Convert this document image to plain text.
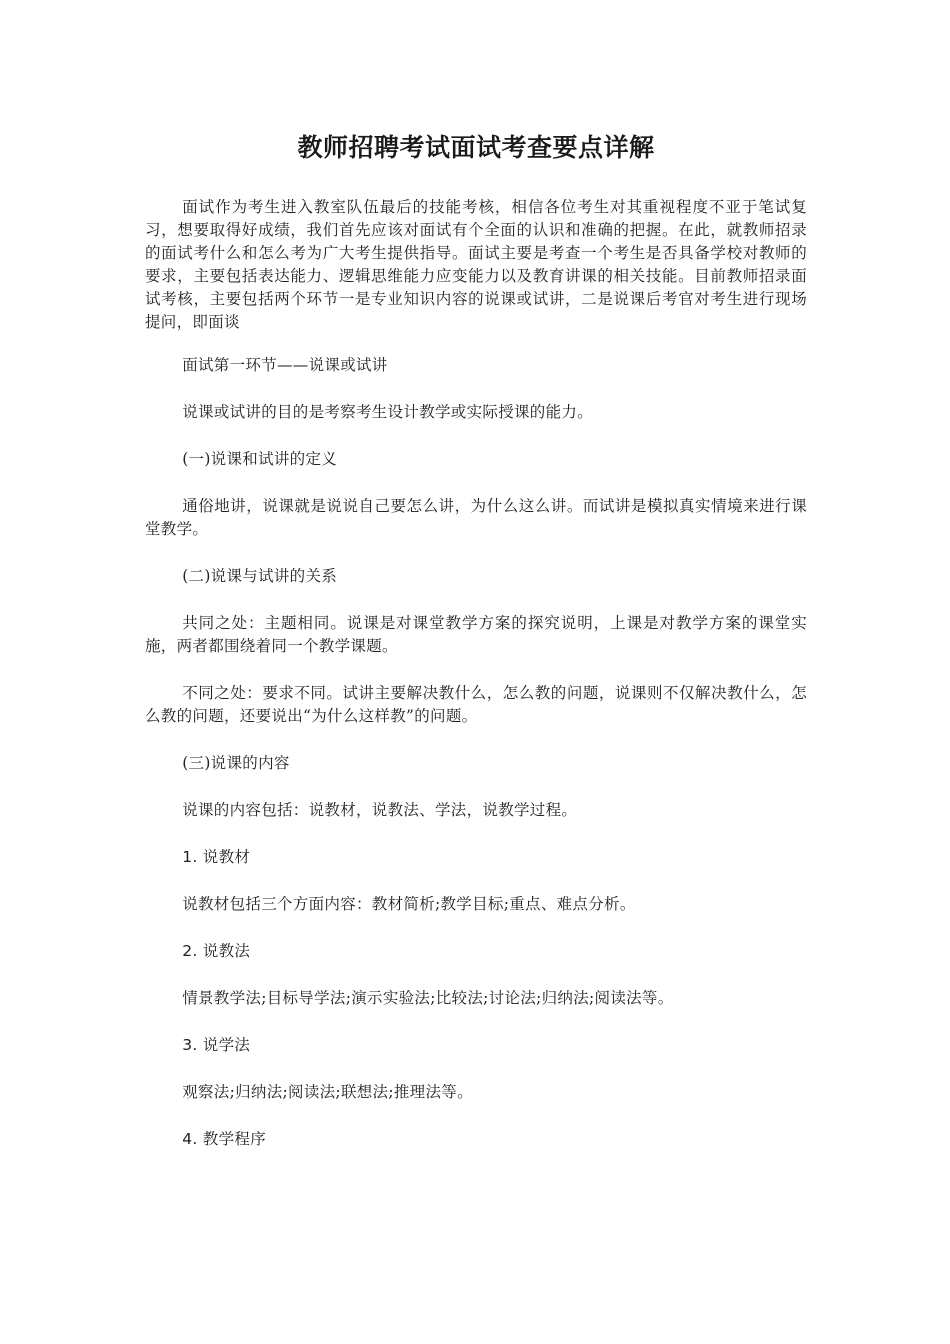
教师招聘考试面试考查要点详解

面试作为考生进入教室队伍最后的技能考核，相信各位考生对其重视程度不亚于笔试复习，想要取得好成绩，我们首先应该对面试有个全面的认识和准确的把握。在此，就教师招录的面试考什么和怎么考为广大考生提供指导。面试主要是考查一个考生是否具备学校对教师的要求，主要包括表达能力、逻辑思维能力应变能力以及教育讲课的相关技能。目前教师招录面试考核，主要包括两个环节一是专业知识内容的说课或试讲，二是说课后考官对考生进行现场提问，即面谈

面试第一环节——说课或试讲

说课或试讲的目的是考察考生设计教学或实际授课的能力。

(一)说课和试讲的定义

通俗地讲，说课就是说说自己要怎么讲，为什么这么讲。而试讲是模拟真实情境来进行课堂教学。

(二)说课与试讲的关系

共同之处：主题相同。说课是对课堂教学方案的探究说明，上课是对教学方案的课堂实施，两者都围绕着同一个教学课题。

不同之处：要求不同。试讲主要解决教什么，怎么教的问题，说课则不仅解决教什么，怎么教的问题，还要说出“为什么这样教”的问题。

(三)说课的内容

说课的内容包括：说教材，说教法、学法，说教学过程。

1. 说教材

说教材包括三个方面内容：教材简析;教学目标;重点、难点分析。

2. 说教法

情景教学法;目标导学法;演示实验法;比较法;讨论法;归纳法;阅读法等。

3. 说学法

观察法;归纳法;阅读法;联想法;推理法等。

4. 教学程序
